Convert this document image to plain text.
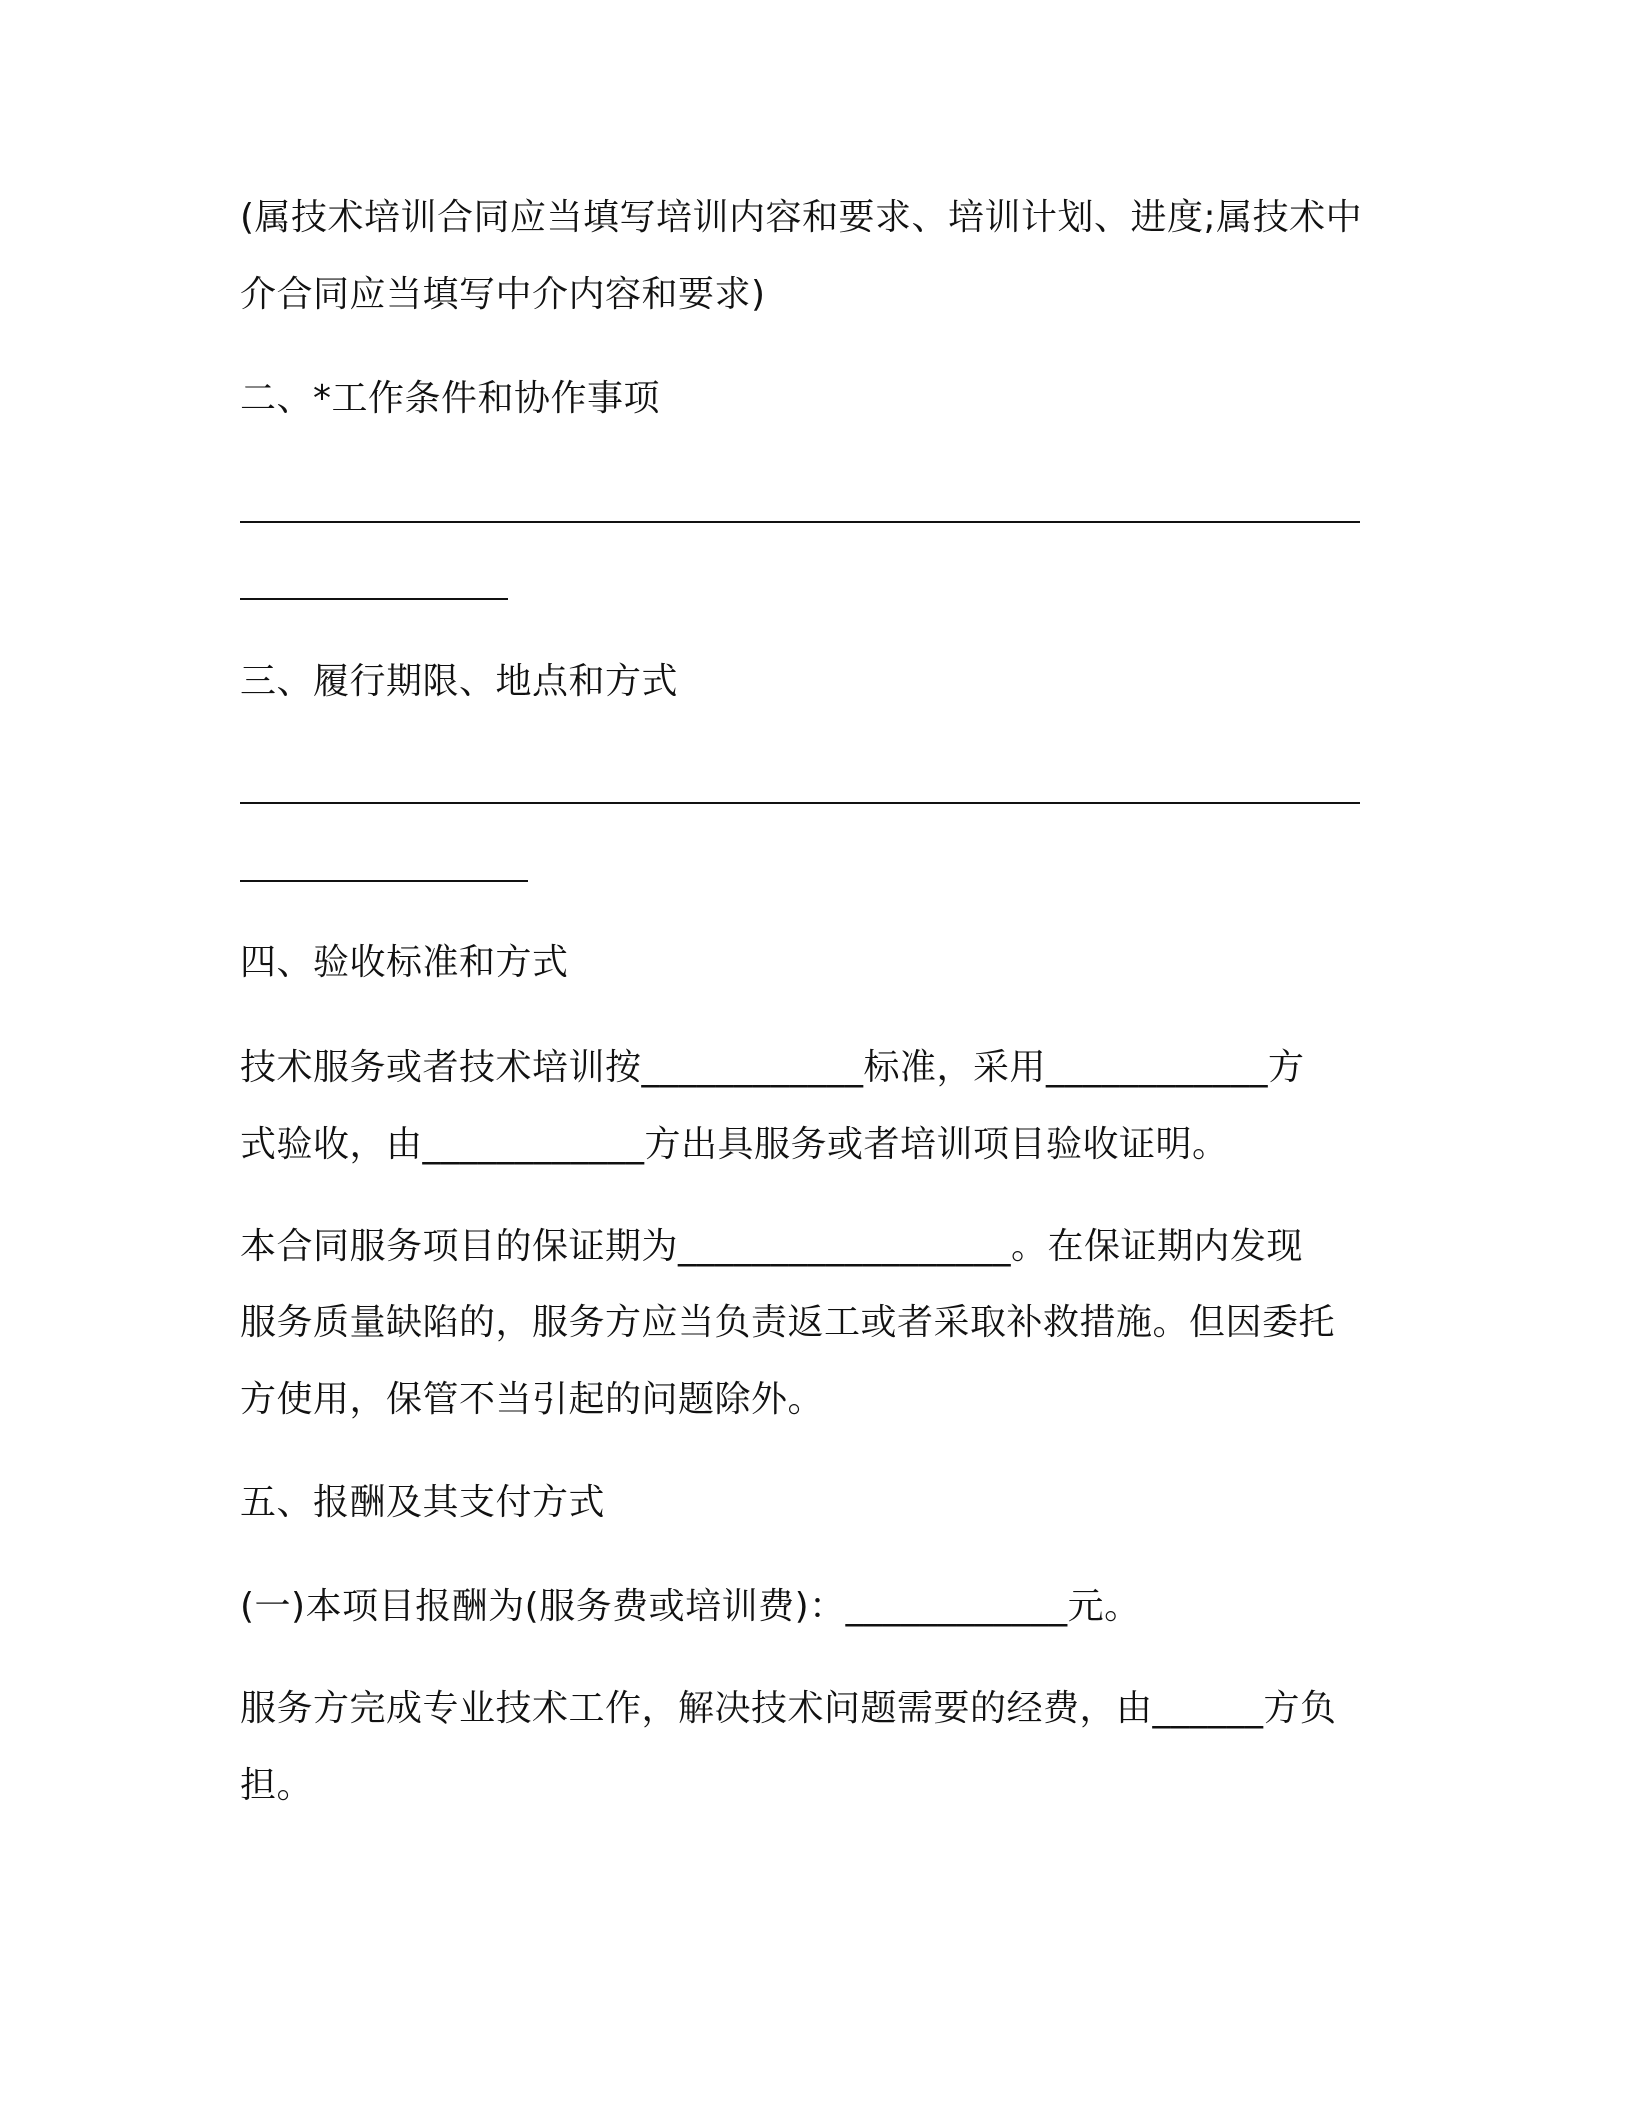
(属技术培训合同应当填写培训内容和要求、培训计划、进度;属技术中
介合同应当填写中介内容和要求)
二、*工作条件和协作事项
三、履行期限、地点和方式
四、验收标准和方式
技术服务或者技术培训按____________标准，采用____________方
式验收，由____________方出具服务或者培训项目验收证明。
本合同服务项目的保证期为__________________。在保证期内发现
服务质量缺陷的，服务方应当负责返工或者采取补救措施。但因委托
方使用，保管不当引起的问题除外。
五、报酬及其支付方式
(一)本项目报酬为(服务费或培训费)：____________元。
服务方完成专业技术工作，解决技术问题需要的经费，由______方负
担。
